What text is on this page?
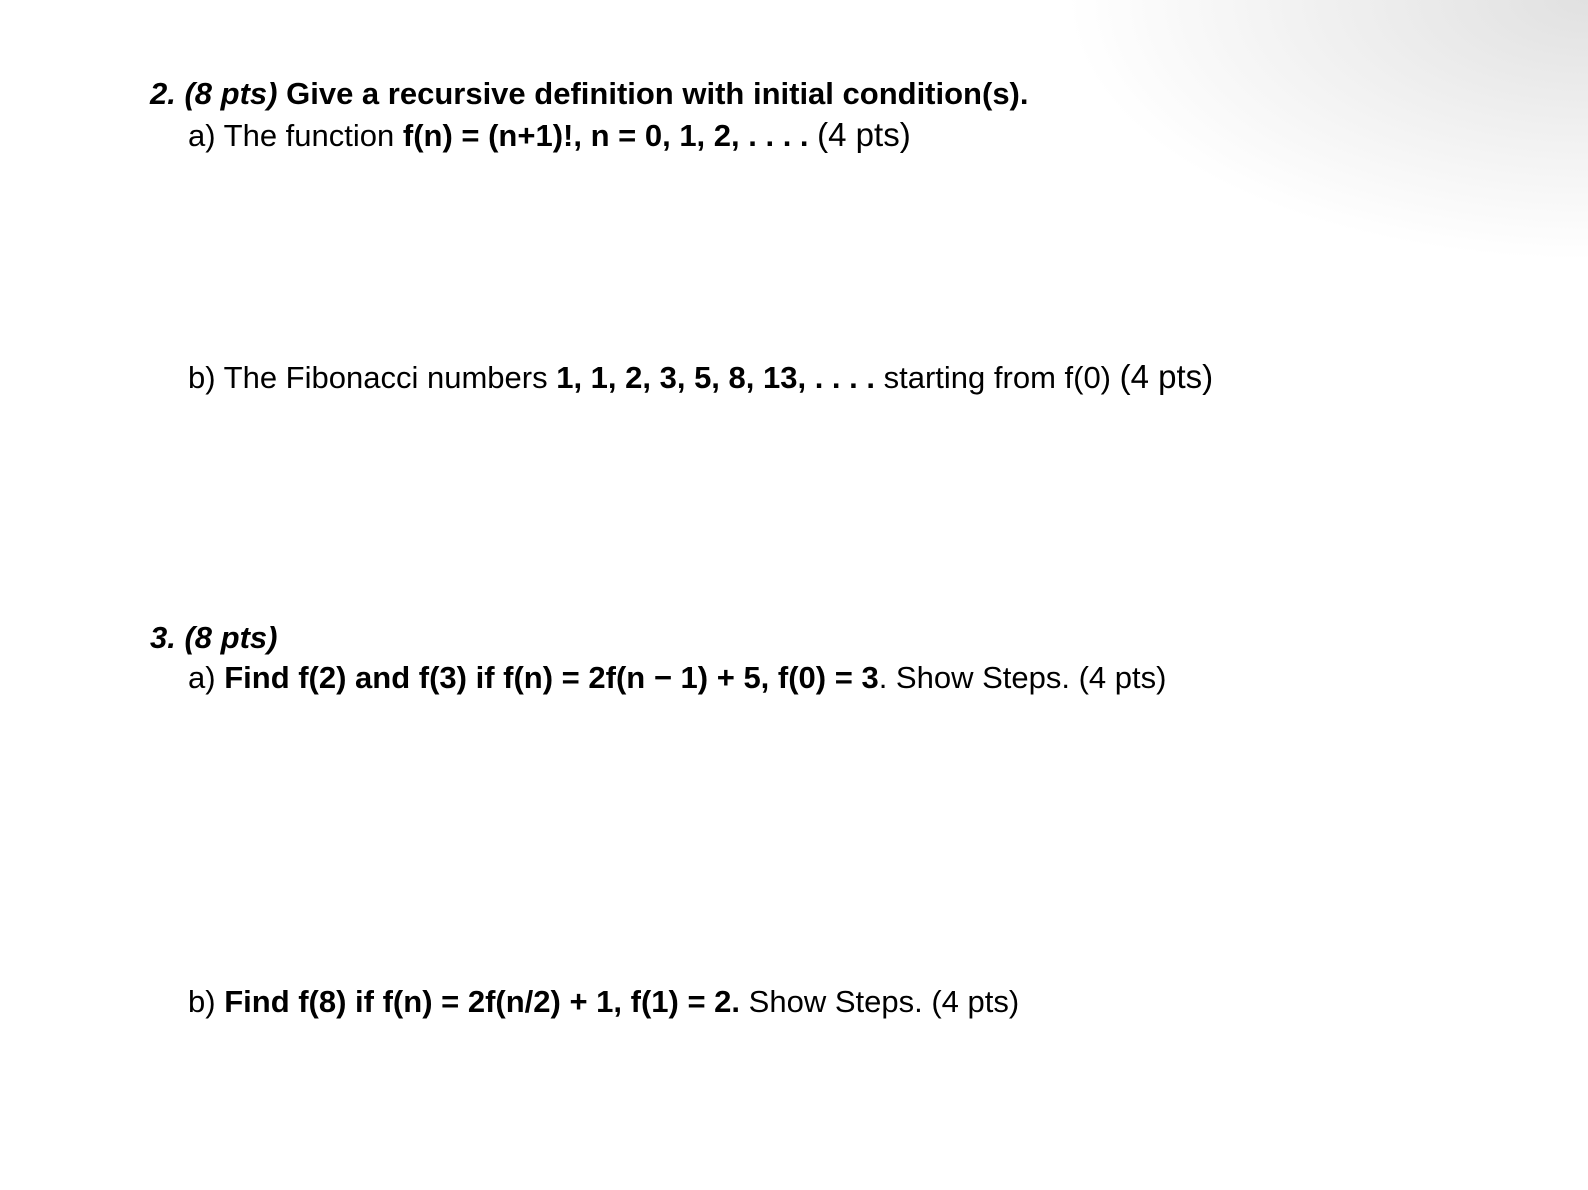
2. (8 pts) Give a recursive definition with initial condition(s).
a) The function f(n) = (n+1)!, n = 0, 1, 2, . . . . (4 pts)
b) The Fibonacci numbers 1, 1, 2, 3, 5, 8, 13, . . . . starting from f(0) (4 pts)
3. (8 pts)
a) Find f(2) and f(3) if f(n) = 2f(n − 1) + 5, f(0) = 3. Show Steps. (4 pts)
b) Find f(8) if f(n) = 2f(n/2) + 1, f(1) = 2. Show Steps. (4 pts)
